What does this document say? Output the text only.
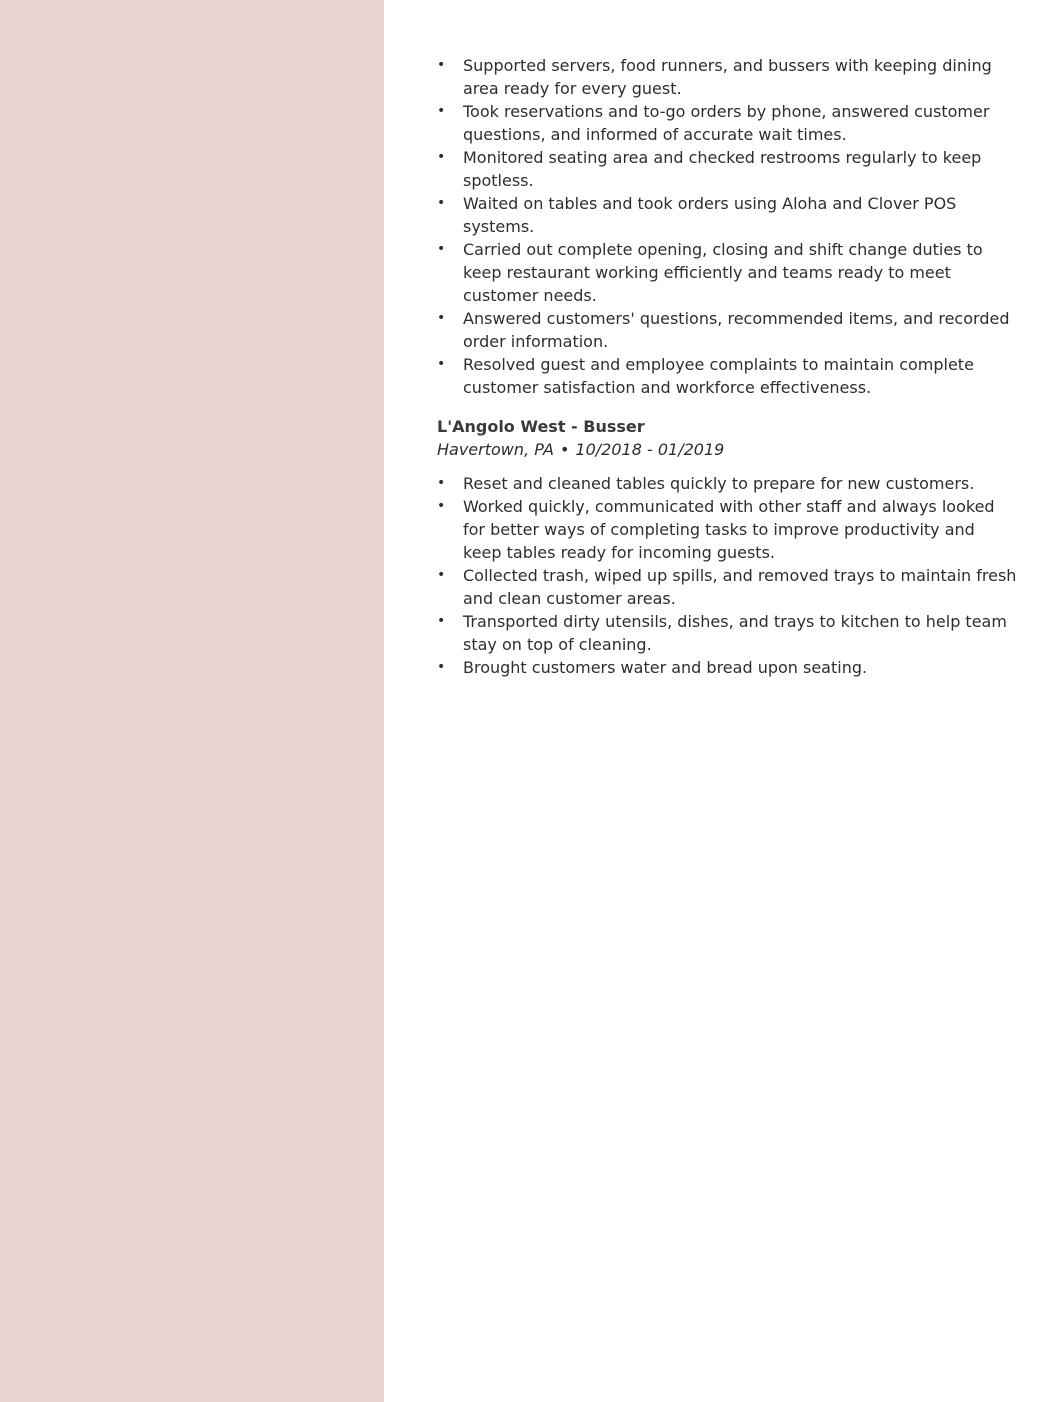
• Supported servers, food runners, and bussers with keeping dining area ready for every guest.
• Took reservations and to-go orders by phone, answered customer questions, and informed of accurate wait times.
• Monitored seating area and checked restrooms regularly to keep spotless.
• Waited on tables and took orders using Aloha and Clover POS systems.
• Carried out complete opening, closing and shift change duties to keep restaurant working efficiently and teams ready to meet customer needs.
• Answered customers' questions, recommended items, and recorded order information.
• Resolved guest and employee complaints to maintain complete customer satisfaction and workforce effectiveness.
L'Angolo West - Busser
Havertown, PA • 10/2018 - 01/2019
• Reset and cleaned tables quickly to prepare for new customers.
• Worked quickly, communicated with other staff and always looked for better ways of completing tasks to improve productivity and keep tables ready for incoming guests.
• Collected trash, wiped up spills, and removed trays to maintain fresh and clean customer areas.
• Transported dirty utensils, dishes, and trays to kitchen to help team stay on top of cleaning.
• Brought customers water and bread upon seating.
